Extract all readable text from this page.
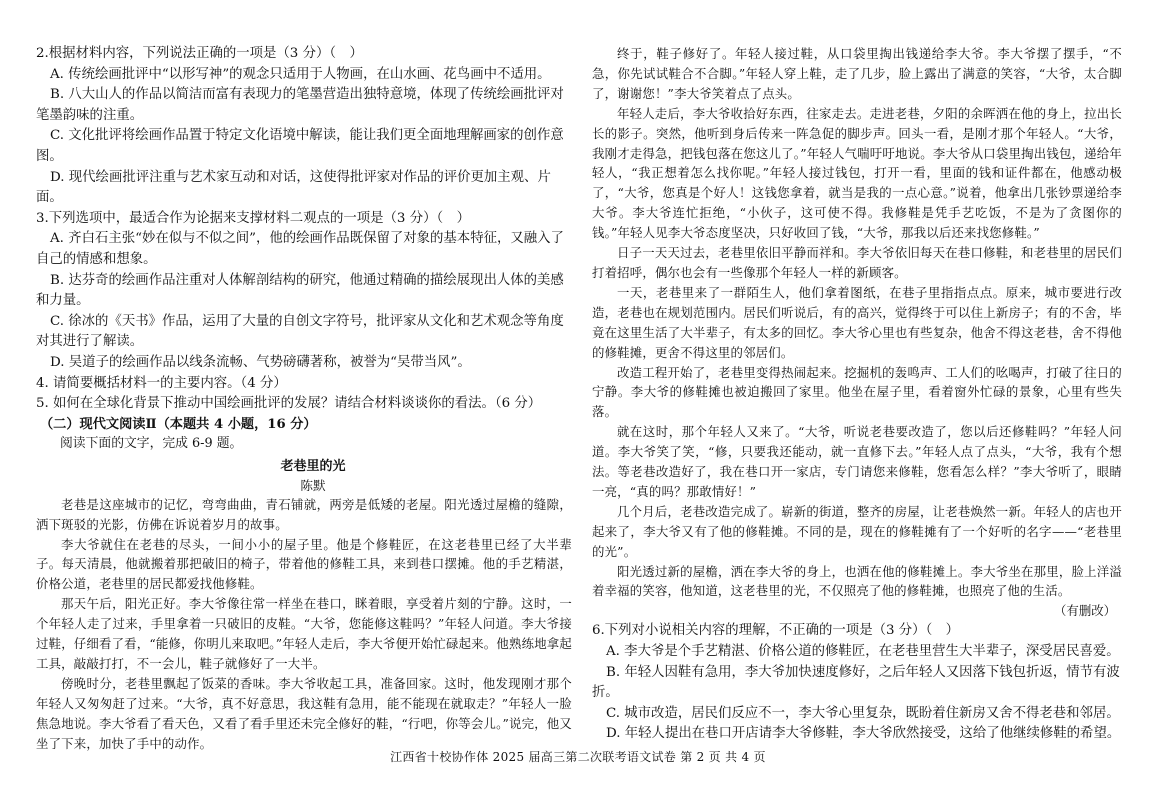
2.根据材料内容，下列说法正确的一项是（3 分）（　）

A. 传统绘画批评中“以形写神”的观念只适用于人物画，在山水画、花鸟画中不适用。

B. 八大山人的作品以简洁而富有表现力的笔墨营造出独特意境，体现了传统绘画批评对笔墨韵味的注重。

C. 文化批评将绘画作品置于特定文化语境中解读，能让我们更全面地理解画家的创作意图。

D. 现代绘画批评注重与艺术家互动和对话，这使得批评家对作品的评价更加主观、片面。

3.下列选项中，最适合作为论据来支撑材料二观点的一项是（3 分）（　）

A. 齐白石主张“妙在似与不似之间”，他的绘画作品既保留了对象的基本特征，又融入了自己的情感和想象。

B. 达芬奇的绘画作品注重对人体解剖结构的研究，他通过精确的描绘展现出人体的美感和力量。

C. 徐冰的《天书》作品，运用了大量的自创文字符号，批评家从文化和艺术观念等角度对其进行了解读。

D. 吴道子的绘画作品以线条流畅、气势磅礴著称，被誉为“吴带当风”。

4. 请简要概括材料一的主要内容。（4 分）

5. 如何在全球化背景下推动中国绘画批评的发展？请结合材料谈谈你的看法。（6 分）

（二）现代文阅读Ⅱ（本题共 4 小题，16 分）

阅读下面的文字，完成 6-9 题。

老巷里的光

陈默

老巷是这座城市的记忆，弯弯曲曲，青石铺就，两旁是低矮的老屋。阳光透过屋檐的缝隙，洒下斑驳的光影，仿佛在诉说着岁月的故事。

李大爷就住在老巷的尽头，一间小小的屋子里。他是个修鞋匠，在这老巷里已经了大半辈子。每天清晨，他就搬着那把破旧的椅子，带着他的修鞋工具，来到巷口摆摊。他的手艺精湛，价格公道，老巷里的居民都爱找他修鞋。

那天午后，阳光正好。李大爷像往常一样坐在巷口，眯着眼，享受着片刻的宁静。这时，一个年轻人走了过来，手里拿着一只破旧的皮鞋。“大爷，您能修这鞋吗？”年轻人问道。李大爷接过鞋，仔细看了看，“能修，你明儿来取吧。”年轻人走后，李大爷便开始忙碌起来。他熟练地拿起工具，敲敲打打，不一会儿，鞋子就修好了一大半。

傍晚时分，老巷里飘起了饭菜的香味。李大爷收起工具，准备回家。这时，他发现刚才那个年轻人又匆匆赶了过来。“大爷，真不好意思，我这鞋有急用，能不能现在就取走？”年轻人一脸焦急地说。李大爷看了看天色，又看了看手里还未完全修好的鞋，“行吧，你等会儿。”说完，他又坐了下来，加快了手中的动作。

终于，鞋子修好了。年轻人接过鞋，从口袋里掏出钱递给李大爷。李大爷摆了摆手，“不急，你先试试鞋合不合脚。”年轻人穿上鞋，走了几步，脸上露出了满意的笑容，“大爷，太合脚了，谢谢您！”李大爷笑着点了点头。

年轻人走后，李大爷收拾好东西，往家走去。走进老巷，夕阳的余晖洒在他的身上，拉出长长的影子。突然，他听到身后传来一阵急促的脚步声。回头一看，是刚才那个年轻人。“大爷，我刚才走得急，把钱包落在您这儿了。”年轻人气喘吁吁地说。李大爷从口袋里掏出钱包，递给年轻人，“我正想着怎么找你呢。”年轻人接过钱包，打开一看，里面的钱和证件都在，他感动极了，“大爷，您真是个好人！这钱您拿着，就当是我的一点心意。”说着，他拿出几张钞票递给李大爷。李大爷连忙拒绝，“小伙子，这可使不得。我修鞋是凭手艺吃饭，不是为了贪图你的钱。”年轻人见李大爷态度坚决，只好收回了钱，“大爷，那我以后还来找您修鞋。”

日子一天天过去，老巷里依旧平静而祥和。李大爷依旧每天在巷口修鞋，和老巷里的居民们打着招呼，偶尔也会有一些像那个年轻人一样的新顾客。

一天，老巷里来了一群陌生人，他们拿着图纸，在巷子里指指点点。原来，城市要进行改造，老巷也在规划范围内。居民们听说后，有的高兴，觉得终于可以住上新房子；有的不舍，毕竟在这里生活了大半辈子，有太多的回忆。李大爷心里也有些复杂，他舍不得这老巷，舍不得他的修鞋摊，更舍不得这里的邻居们。

改造工程开始了，老巷里变得热闹起来。挖掘机的轰鸣声、工人们的吆喝声，打破了往日的宁静。李大爷的修鞋摊也被迫搬回了家里。他坐在屋子里，看着窗外忙碌的景象，心里有些失落。

就在这时，那个年轻人又来了。“大爷，听说老巷要改造了，您以后还修鞋吗？”年轻人问道。李大爷笑了笑，“修，只要我还能动，就一直修下去。”年轻人点了点头，“大爷，我有个想法。等老巷改造好了，我在巷口开一家店，专门请您来修鞋，您看怎么样？”李大爷听了，眼睛一亮，“真的吗？那敢情好！”

几个月后，老巷改造完成了。崭新的街道，整齐的房屋，让老巷焕然一新。年轻人的店也开起来了，李大爷又有了他的修鞋摊。不同的是，现在的修鞋摊有了一个好听的名字——“老巷里的光”。

阳光透过新的屋檐，洒在李大爷的身上，也洒在他的修鞋摊上。李大爷坐在那里，脸上洋溢着幸福的笑容，他知道，这老巷里的光，不仅照亮了他的修鞋摊，也照亮了他的生活。

（有删改）

6.下列对小说相关内容的理解，不正确的一项是（3 分）（　）

A. 李大爷是个手艺精湛、价格公道的修鞋匠，在老巷里营生大半辈子，深受居民喜爱。

B. 年轻人因鞋有急用，李大爷加快速度修好，之后年轻人又因落下钱包折返，情节有波折。

C. 城市改造，居民们反应不一，李大爷心里复杂，既盼着住新房又舍不得老巷和邻居。

D. 年轻人提出在巷口开店请李大爷修鞋，李大爷欣然接受，这给了他继续修鞋的希望。

江西省十校协作体 2025 届高三第二次联考语文试卷 第 2 页 共 4 页
